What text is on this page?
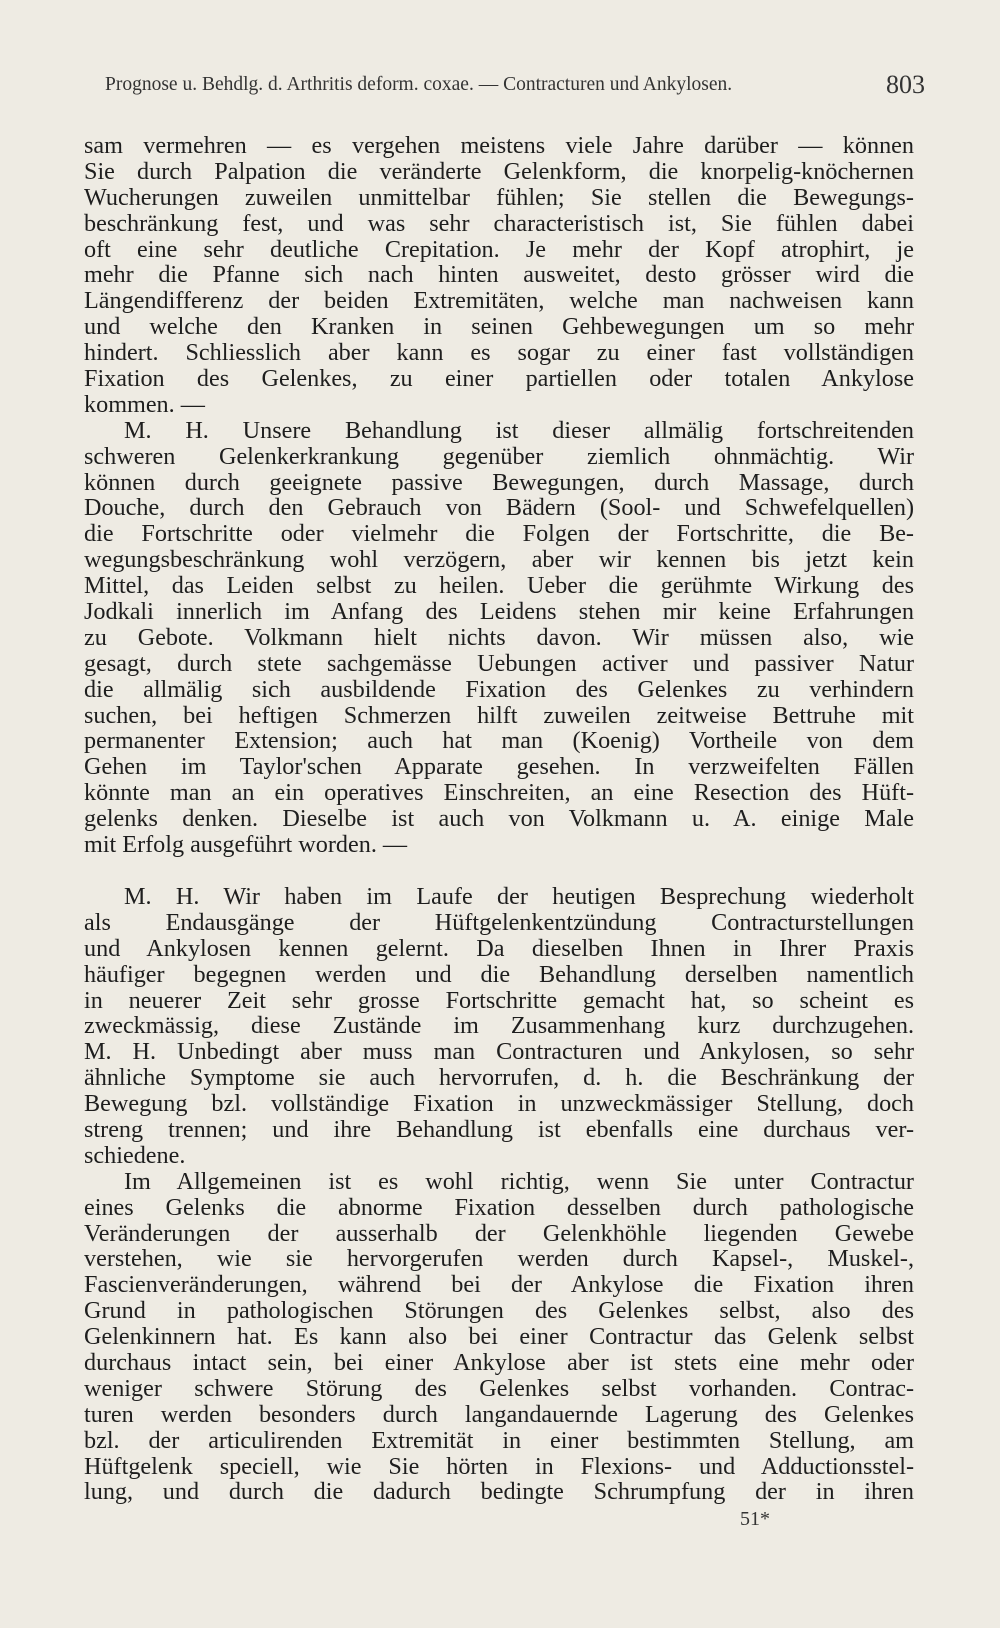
Prognose u. Behdlg. d. Arthritis deform. coxae. — Contracturen und Ankylosen.	803
sam vermehren — es vergehen meistens viele Jahre darüber — können
Sie durch Palpation die veränderte Gelenkform, die knorpelig-knöchernen
Wucherungen zuweilen unmittelbar fühlen; Sie stellen die Bewegungs-
beschränkung fest, und was sehr characteristisch ist, Sie fühlen dabei
oft eine sehr deutliche Crepitation. Je mehr der Kopf atrophirt, je
mehr die Pfanne sich nach hinten ausweitet, desto grösser wird die
Längendifferenz der beiden Extremitäten, welche man nachweisen kann
und welche den Kranken in seinen Gehbewegungen um so mehr
hindert. Schliesslich aber kann es sogar zu einer fast vollständigen
Fixation des Gelenkes, zu einer partiellen oder totalen Ankylose
kommen. —
M. H. Unsere Behandlung ist dieser allmälig fortschreitenden
schweren Gelenkerkrankung gegenüber ziemlich ohnmächtig. Wir
können durch geeignete passive Bewegungen, durch Massage, durch
Douche, durch den Gebrauch von Bädern (Sool- und Schwefelquellen)
die Fortschritte oder vielmehr die Folgen der Fortschritte, die Be-
wegungsbeschränkung wohl verzögern, aber wir kennen bis jetzt kein
Mittel, das Leiden selbst zu heilen. Ueber die gerühmte Wirkung des
Jodkali innerlich im Anfang des Leidens stehen mir keine Erfahrungen
zu Gebote. Volkmann hielt nichts davon. Wir müssen also, wie
gesagt, durch stete sachgemässe Uebungen activer und passiver Natur
die allmälig sich ausbildende Fixation des Gelenkes zu verhindern
suchen, bei heftigen Schmerzen hilft zuweilen zeitweise Bettruhe mit
permanenter Extension; auch hat man (Koenig) Vortheile von dem
Gehen im Taylor'schen Apparate gesehen. In verzweifelten Fällen
könnte man an ein operatives Einschreiten, an eine Resection des Hüft-
gelenks denken. Dieselbe ist auch von Volkmann u. A. einige Male
mit Erfolg ausgeführt worden. —
M. H. Wir haben im Laufe der heutigen Besprechung wiederholt
als Endausgänge der Hüftgelenkentzündung Contracturstellungen
und Ankylosen kennen gelernt. Da dieselben Ihnen in Ihrer Praxis
häufiger begegnen werden und die Behandlung derselben namentlich
in neuerer Zeit sehr grosse Fortschritte gemacht hat, so scheint es
zweckmässig, diese Zustände im Zusammenhang kurz durchzugehen.
M. H. Unbedingt aber muss man Contracturen und Ankylosen, so sehr
ähnliche Symptome sie auch hervorrufen, d. h. die Beschränkung der
Bewegung bzl. vollständige Fixation in unzweckmässiger Stellung, doch
streng trennen; und ihre Behandlung ist ebenfalls eine durchaus ver-
schiedene.
Im Allgemeinen ist es wohl richtig, wenn Sie unter Contractur
eines Gelenks die abnorme Fixation desselben durch pathologische
Veränderungen der ausserhalb der Gelenkhöhle liegenden Gewebe
verstehen, wie sie hervorgerufen werden durch Kapsel-, Muskel-,
Fascienveränderungen, während bei der Ankylose die Fixation ihren
Grund in pathologischen Störungen des Gelenkes selbst, also des
Gelenkinnern hat. Es kann also bei einer Contractur das Gelenk selbst
durchaus intact sein, bei einer Ankylose aber ist stets eine mehr oder
weniger schwere Störung des Gelenkes selbst vorhanden. Contrac-
turen werden besonders durch langandauernde Lagerung des Gelenkes
bzl. der articulirenden Extremität in einer bestimmten Stellung, am
Hüftgelenk speciell, wie Sie hörten in Flexions- und Adductionsstel-
lung, und durch die dadurch bedingte Schrumpfung der in ihren
51*
